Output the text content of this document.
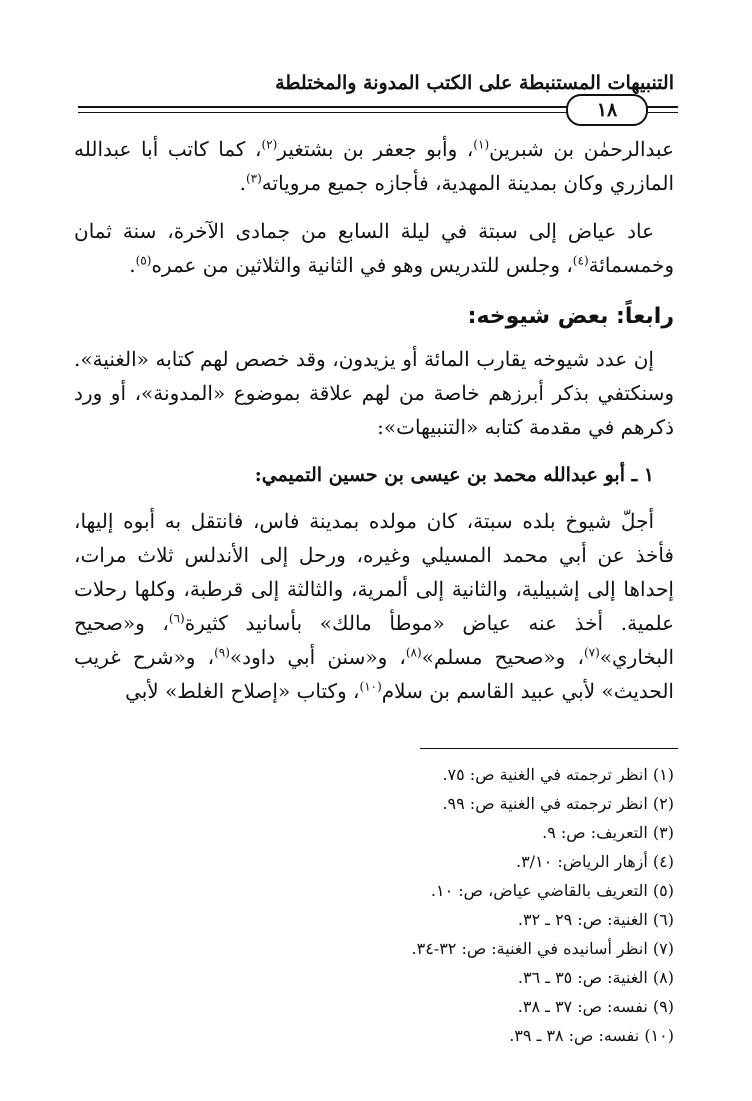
التنبيهات المستنبطة على الكتب المدونة والمختلطة
١٨

عبدالرحمٰن بن شبرين$^{(١)}$، وأبو جعفر بن بشتغير$^{(٢)}$، كما كاتب أبا عبدالله المازري وكان بمدينة المهدية، فأجازه جميع مروياته$^{(٣)}$.

عاد عياض إلى سبتة في ليلة السابع من جمادى الآخرة، سنة ثمان وخمسمائة$^{(٤)}$، وجلس للتدريس وهو في الثانية والثلاثين من عمره$^{(٥)}$.

رابعاً: بعض شيوخه:

إن عدد شيوخه يقارب المائة أو يزيدون، وقد خصص لهم كتابه «الغنية». وسنكتفي بذكر أبرزهم خاصة من لهم علاقة بموضوع «المدونة»، أو ورد ذكرهم في مقدمة كتابه «التنبيهات»:

١ ـ أبو عبدالله محمد بن عيسى بن حسين التميمي:

أجلّ شيوخ بلده سبتة، كان مولده بمدينة فاس، فانتقل به أبوه إليها، فأخذ عن أبي محمد المسيلي وغيره، ورحل إلى الأندلس ثلاث مرات، إحداها إلى إشبيلية، والثانية إلى ألمرية، والثالثة إلى قرطبة، وكلها رحلات علمية. أخذ عنه عياض «موطأ مالك» بأسانيد كثيرة$^{(٦)}$، و«صحيح البخاري»$^{(٧)}$، و«صحيح مسلم»$^{(٨)}$، و«سنن أبي داود»$^{(٩)}$، و«شرح غريب الحديث» لأبي عبيد القاسم بن سلام$^{(١٠)}$، وكتاب «إصلاح الغلط» لأبي

(١) انظر ترجمته في الغنية ص: ٧٥.

(٢) انظر ترجمته في الغنية ص: ٩٩.

(٣) التعريف: ص: ٩.

(٤) أزهار الرياض: ٣/١٠.

(٥) التعريف بالقاضي عياض، ص: ١٠.

(٦) الغنية: ص: ٢٩ ـ ٣٢.

(٧) انظر أسانيده في الغنية: ص: ٣٢-٣٤.

(٨) الغنية: ص: ٣٥ ـ ٣٦.

(٩) نفسه: ص: ٣٧ ـ ٣٨.

(١٠) نفسه: ص: ٣٨ ـ ٣٩.
